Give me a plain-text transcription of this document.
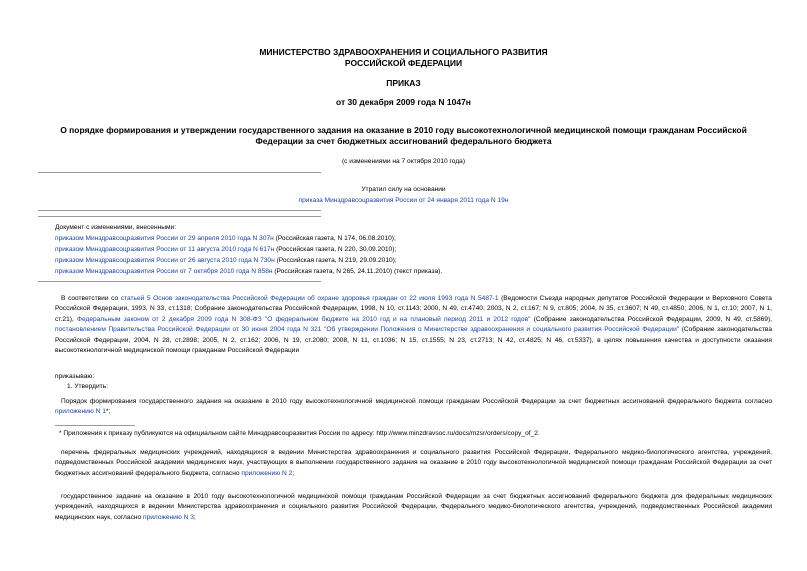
МИНИСТЕРСТВО ЗДРАВООХРАНЕНИЯ И СОЦИАЛЬНОГО РАЗВИТИЯ
РОССИЙСКОЙ ФЕДЕРАЦИИ
ПРИКАЗ
от 30 декабря 2009 года N 1047н
О порядке формирования и утверждении государственного задания на оказание в 2010 году высокотехнологичной медицинской помощи гражданам Российской
Федерации за счет бюджетных ассигнований федерального бюджета
(с изменениями на 7 октября 2010 года)
Утратил силу на основании
приказа Минздравсоцразвития России от 24 января 2011 года N 19н
Документ с изменениями, внесенными:
приказом Минздравсоцразвития России от 29 апреля 2010 года N 307н (Российская газета, N 174, 06.08.2010);
приказом Минздравсоцразвития России от 11 августа 2010 года N 617н (Российская газета, N 220, 30.09.2010);
приказом Минздравсоцразвития России от 26 августа 2010 года N 730н (Российская газета, N 219, 29.09.2010);
приказом Минздравсоцразвития России от 7 октября 2010 года N 858н (Российская газета, N 265, 24.11.2010) (текст приказа).
В соответствии со статьей 5 Основ законодательства Российской Федерации об охране здоровья граждан от 22 июля 1993 года N 5487-1 (Ведомости Съезда народных депутатов Российской Федерации и Верховного Совета Российской Федерации, 1993, N 33, ст.1318; Собрание законодательства Российской Федерации, 1998, N 10, ст.1143; 2000, N 49, ст.4740; 2003, N 2, ст.167; N 9, ст.805; 2004, N 35, ст.3607; N 49, ст.4850; 2006, N 1, ст.10; 2007, N 1, ст.21), Федеральным законом от 2 декабря 2009 года N 308-ФЗ "О федеральном бюджете на 2010 год и на плановый период 2011 и 2012 годов" (Собрание законодательства Российской Федерации, 2009, N 49, ст.5869), постановлением Правительства Российской Федерации от 30 июня 2004 года N 321 "Об утверждении Положения о Министерстве здравоохранения и социального развития Российской Федерации" (Собрание законодательства Российской Федерации, 2004, N 28, ст.2898; 2005, N 2, ст.162; 2006, N 19, ст.2080; 2008, N 11, ст.1036; N 15, ст.1555; N 23, ст.2713; N 42, ст.4825; N 46, ст.5337), в целях повышения качества и доступности оказания высокотехнологичной медицинской помощи гражданам Российской Федерации
приказываю:
1. Утвердить:
Порядок формирования государственного задания на оказание в 2010 году высокотехнологичной медицинской помощи гражданам Российской Федерации за счет бюджетных ассигнований федерального бюджета согласно приложению N 1*;
* Приложения к приказу публикуются на официальном сайте Минздравсоцразвития России по адресу: http://www.minzdravsoc.ru/docs/mzsr/orders/copy_of_2.
перечень федеральных медицинских учреждений, находящихся в ведении Министерства здравоохранения и социального развития Российской Федерации, Федерального медико-биологического агентства, учреждений, подведомственных Российской академии медицинских наук, участвующих в выполнении государственного задания на оказание в 2010 году высокотехнологичной медицинской помощи гражданам Российской Федерации за счет бюджетных ассигнований федерального бюджета, согласно приложению N 2;
государственное задание на оказание в 2010 году высокотехнологичной медицинской помощи гражданам Российской Федерации за счет бюджетных ассигнований федерального бюджета для федеральных медицинских учреждений, находящихся в ведении Министерства здравоохранения и социального развития Российской Федерации, Федерального медико-биологического агентства, учреждений, подведомственных Российской академии медицинских наук, согласно приложению N 3;
